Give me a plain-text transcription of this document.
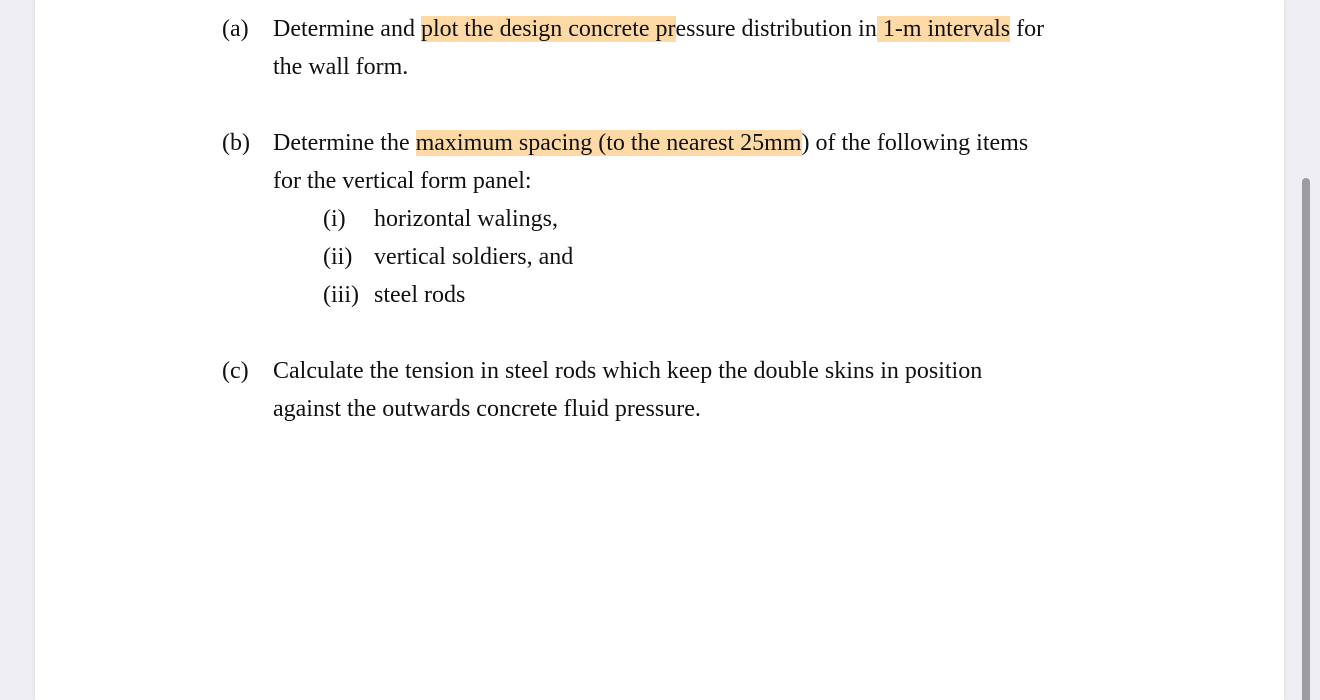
(a) Determine and plot the design concrete pressure distribution in 1-m intervals for
the wall form.
(b) Determine the maximum spacing (to the nearest 25mm) of the following items
for the vertical form panel:
(i) horizontal walings,
(ii) vertical soldiers, and
(iii) steel rods
(c) Calculate the tension in steel rods which keep the double skins in position
against the outwards concrete fluid pressure.
